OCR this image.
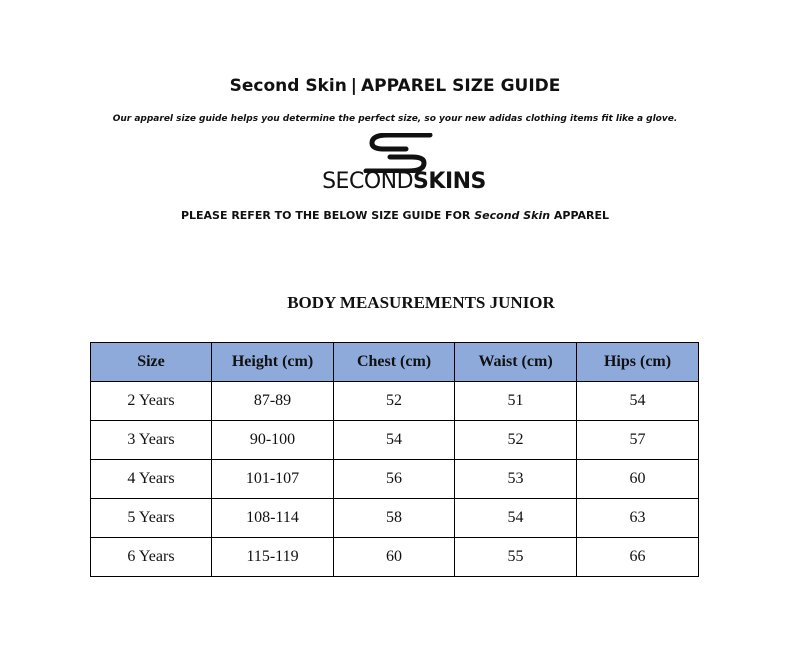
Second Skin | APPAREL SIZE GUIDE
Our apparel size guide helps you determine the perfect size, so your new adidas clothing items fit like a glove.
SECONDSKINS
PLEASE REFER TO THE BELOW SIZE GUIDE FOR Second Skin APPAREL
BODY MEASUREMENTS JUNIOR
Size	Height (cm)	Chest (cm)	Waist (cm)	Hips (cm)
2 Years	87-89	52	51	54
3 Years	90-100	54	52	57
4 Years	101-107	56	53	60
5 Years	108-114	58	54	63
6 Years	115-119	60	55	66
